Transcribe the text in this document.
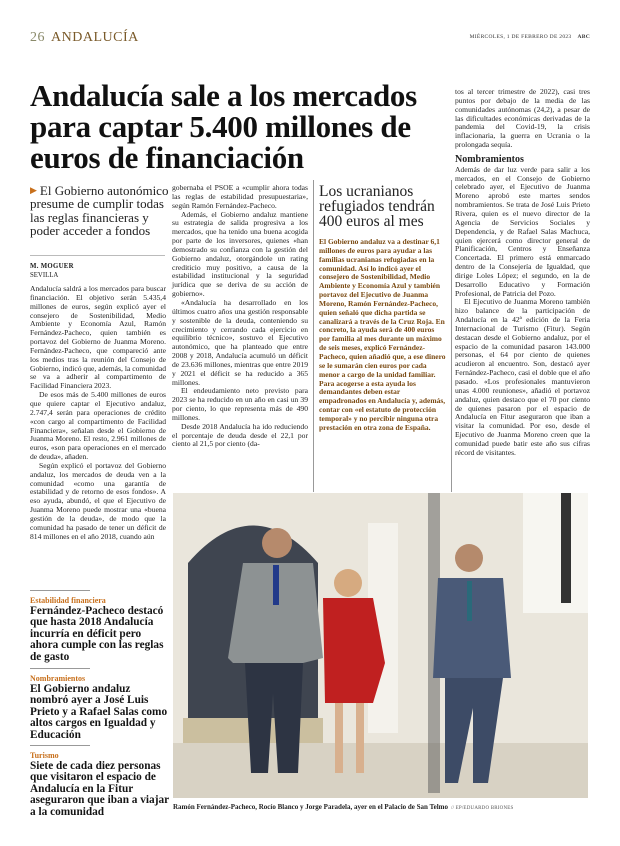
26 ANDALUCÍA	MIÉRCOLES, 1 DE FEBRERO DE 2023 ABC
Andalucía sale a los mercados para captar 5.400 millones de euros de financiación
▶ El Gobierno autonómico presume de cumplir todas las reglas financieras y poder acceder a fondos
M. MOGUER
SEVILLA

Andalucía saldrá a los mercados para buscar financiación. El objetivo serán 5.435,4 millones de euros, según explicó ayer el consejero de Sostenibilidad, Medio Ambiente y Economía Azul, Ramón Fernández-Pacheco, quien también es portavoz del Gobierno de Juanma Moreno. Fernández-Pacheco, que compareció ante los medios tras la reunión del Consejo de Gobierno, indicó que, además, la comunidad se va a adherir al compartimento de Facilidad Financiera 2023.

De esos más de 5.400 millones de euros que quiere captar el Ejecutivo andaluz, 2.747,4 serán para operaciones de crédito «con cargo al compartimento de Facilidad Financiera», señalan desde el Gobierno de Juanma Moreno. El resto, 2.961 millones de euros, «son para operaciones en el mercado de deuda», añaden.

Según explicó el portavoz del Gobierno andaluz, los mercados de deuda ven a la comunidad «como una garantía de estabilidad y de retorno de esos fondos». A eso ayuda, abundó, el que el Ejecutivo de Juanma Moreno puede mostrar una «buena gestión de la deuda», de modo que la comunidad ha pasado de tener un déficit de 814 millones en el año 2018, cuando aún

gobernaba el PSOE a «cumplir ahora todas las reglas de estabilidad presupuestaria», según Ramón Fernández-Pacheco.

Además, el Gobierno andaluz mantiene su estrategia de salida progresiva a los mercados, que ha tenido una buena acogida por parte de los inversores, quienes «han demostrado su confianza con la gestión del Gobierno andaluz, otorgándole un rating crediticio muy positivo, a causa de la estabilidad institucional y la seguridad jurídica que se deriva de su acción de gobierno».

«Andalucía ha desarrollado en los últimos cuatro años una gestión responsable y sostenible de la deuda, conteniendo su crecimiento y cerrando cada ejercicio en equilibrio técnico», sostuvo el Ejecutivo autonómico, que ha planteado que entre 2008 y 2018, Andalucía acumuló un déficit de 23.636 millones, mientras que entre 2019 y 2021 el déficit se ha reducido a 365 millones.

El endeudamiento neto previsto para 2023 se ha reducido en un año en casi un 39 por ciento, lo que representa más de 490 millones.

Desde 2018 Andalucía ha ido reduciendo el porcentaje de deuda desde el 22,1 por ciento al 21,5 por ciento (da-

Los ucranianos refugiados tendrán 400 euros al mes
El Gobierno andaluz va a destinar 6,1 millones de euros para ayudar a las familias ucranianas refugiadas en la comunidad. Así lo indicó ayer el consejero de Sostenibilidad, Medio Ambiente y Economía Azul y también portavoz del Ejecutivo de Juanma Moreno, Ramón Fernández-Pacheco, quien señaló que dicha partida se canalizará a través de la Cruz Roja. En concreto, la ayuda será de 400 euros por familia al mes durante un máximo de seis meses, explicó Fernández-Pacheco, quien añadió que, a ese dinero se le sumarán cien euros por cada menor a cargo de la unidad familiar. Para acogerse a esta ayuda los demandantes deben estar empadronados en Andalucía y, además, contar con «el estatuto de protección temporal» y no percibir ninguna otra prestación en otra zona de España.

tos al tercer trimestre de 2022), casi tres puntos por debajo de la media de las comunidades autónomas (24,2), a pesar de las dificultades económicas derivadas de la pandemia del Covid-19, la crisis inflacionaria, la guerra en Ucrania o la prolongada sequía.

Nombramientos

Además de dar luz verde para salir a los mercados, en el Consejo de Gobierno celebrado ayer, el Ejecutivo de Juanma Moreno aprobó este martes sendos nombramientos. Se trata de José Luis Prieto Rivera, quien es el nuevo director de la Agencia de Servicios Sociales y Dependencia, y de Rafael Salas Machuca, quien ejercerá como director general de Planificación, Centros y Enseñanza Concertada. El primero está enmarcado dentro de la Consejería de Igualdad, que dirige Loles López; el segundo, en la de Desarrollo Educativo y Formación Profesional, de Patricia del Pozo.

El Ejecutivo de Juanma Moreno también hizo balance de la participación de Andalucía en la 42ª edición de la Feria Internacional de Turismo (Fitur). Según destacan desde el Gobierno andaluz, por el espacio de la comunidad pasaron 143.000 personas, el 64 por ciento de quienes acudieron al encuentro. Son, destacó ayer Fernández-Pacheco, casi el doble que el año pasado. «Los profesionales mantuvieron unas 4.000 reuniones», añadió el portavoz andaluz, quien destaco que el 70 por ciento de quienes pasaron por el espacio de Andalucía en Fitur aseguraron que iban a visitar la comunidad. Por eso, desde el Ejecutivo de Juanma Moreno creen que la comunidad puede batir este año sus cifras récord de visitantes.

Estabilidad financiera
Fernández-Pacheco destacó que hasta 2018 Andalucía incurría en déficit pero ahora cumple con las reglas de gasto
Nombramientos
El Gobierno andaluz nombró ayer a José Luis Prieto y a Rafael Salas como altos cargos en Igualdad y Educación
Turismo
Siete de cada diez personas que visitaron el espacio de Andalucía en la Fitur aseguraron que iban a viajar a la comunidad	Ramón Fernández-Pacheco, Rocío Blanco y Jorge Paradela, ayer en el Palacio de San Telmo // EP/EDUARDO BRIONES
